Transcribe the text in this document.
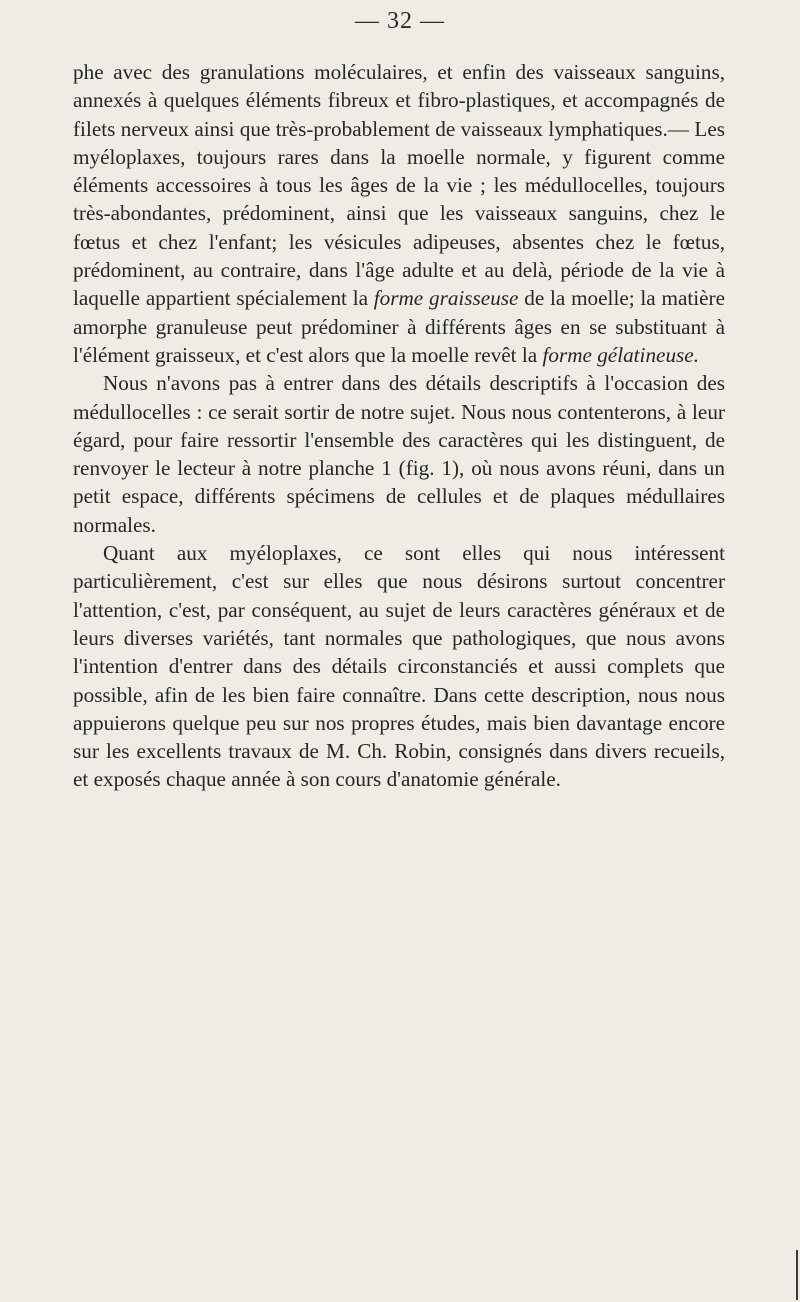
— 32 —

phe avec des granulations moléculaires, et enfin des vaisseaux sanguins, annexés à quelques éléments fibreux et fibro-plastiques, et accompagnés de filets nerveux ainsi que très-probablement de vaisseaux lymphatiques.— Les myéloplaxes, toujours rares dans la moelle normale, y figurent comme éléments accessoires à tous les âges de la vie ; les médullocelles, toujours très-abondantes, prédominent, ainsi que les vaisseaux sanguins, chez le fœtus et chez l'enfant; les vésicules adipeuses, absentes chez le fœtus, prédominent, au contraire, dans l'âge adulte et au delà, période de la vie à laquelle appartient spécialement la forme graisseuse de la moelle; la matière amorphe granuleuse peut prédominer à différents âges en se substituant à l'élément graisseux, et c'est alors que la moelle revêt la forme gélatineuse.

Nous n'avons pas à entrer dans des détails descriptifs à l'occasion des médullocelles : ce serait sortir de notre sujet. Nous nous contenterons, à leur égard, pour faire ressortir l'ensemble des caractères qui les distinguent, de renvoyer le lecteur à notre planche 1 (fig. 1), où nous avons réuni, dans un petit espace, différents spécimens de cellules et de plaques médullaires normales.

Quant aux myéloplaxes, ce sont elles qui nous intéressent particulièrement, c'est sur elles que nous désirons surtout concentrer l'attention, c'est, par conséquent, au sujet de leurs caractères généraux et de leurs diverses variétés, tant normales que pathologiques, que nous avons l'intention d'entrer dans des détails circonstanciés et aussi complets que possible, afin de les bien faire connaître. Dans cette description, nous nous appuierons quelque peu sur nos propres études, mais bien davantage encore sur les excellents travaux de M. Ch. Robin, consignés dans divers recueils, et exposés chaque année à son cours d'anatomie générale.
